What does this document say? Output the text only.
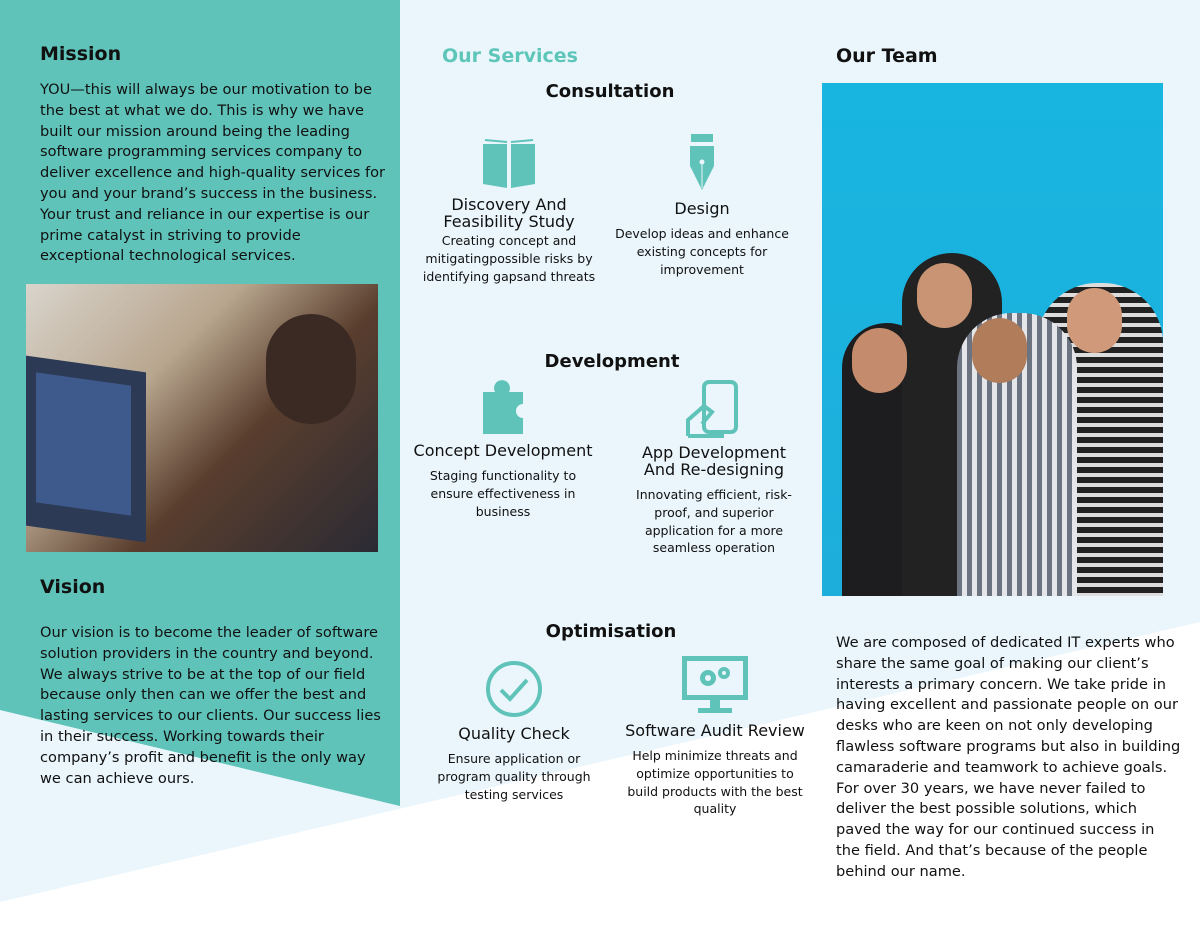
Mission

YOU—this will always be our motivation to be the best at what we do. This is why we have built our mission around being the leading software programming services company to deliver excellence and high-quality services for you and your brand’s success in the business. Your trust and reliance in our expertise is our prime catalyst in striving to provide exceptional technological services.

Vision

Our vision is to become the leader of software solution providers in the country and beyond. We always strive to be at the top of our field because only then can we offer the best and lasting services to our clients. Our success lies in their success. Working towards their company’s profit and benefit is the only way we can achieve ours.

Our Services
Consultation
Discovery And Feasibility Study
Creating concept and mitigatingpossible risks by identifying gapsand threats
Design
Develop ideas and enhance existing concepts for improvement
Development
Concept Development
Staging functionality to ensure effectiveness in business
App Development And Re-designing
Innovating efficient, risk-proof, and superior application for a more seamless operation
Optimisation
Quality Check
Ensure application or program quality through testing services
Software Audit Review
Help minimize threats and optimize opportunities to build products with the best quality
Our Team

We are composed of dedicated IT experts who share the same goal of making our client’s interests a primary concern. We take pride in having excellent and passionate people on our desks who are keen on not only developing flawless software programs but also in building camaraderie and teamwork to achieve goals. For over 30 years, we have never failed to deliver the best possible solutions, which paved the way for our continued success in the field. And that’s because of the people behind our name.
